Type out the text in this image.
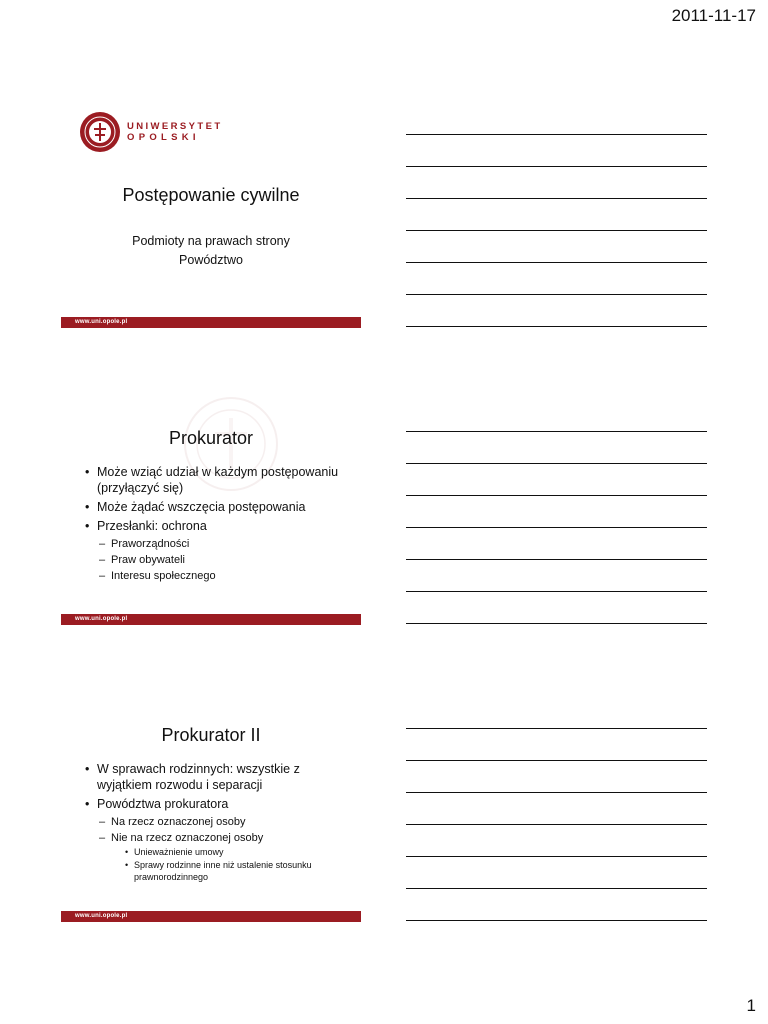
2011-11-17
UNIWERSYTET
OPOLSKI
Postępowanie cywilne
Podmioty na prawach strony
Powództwo
www.uni.opole.pl
Prokurator
• Może wziąć udział w każdym postępowaniu (przyłączyć się)
• Może żądać wszczęcia postępowania
• Przesłanki: ochrona
– Praworządności
– Praw obywateli
– Interesu społecznego
www.uni.opole.pl
Prokurator II
• W sprawach rodzinnych: wszystkie z wyjątkiem rozwodu i separacji
• Powództwa prokuratora
– Na rzecz oznaczonej osoby
– Nie na rzecz oznaczonej osoby
• Unieważnienie umowy
• Sprawy rodzinne inne niż ustalenie stosunku prawnorodzinnego
www.uni.opole.pl
1
